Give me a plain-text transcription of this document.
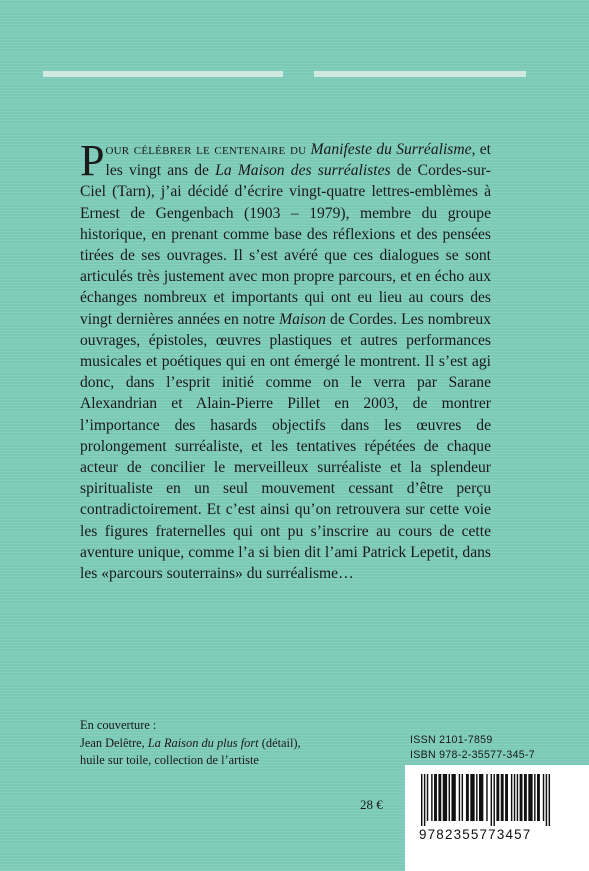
Pour célébrer le centenaire du Manifeste du Surréalisme, et les vingt ans de La Maison des surréalistes de Cordes-sur-Ciel (Tarn), j’ai décidé d’écrire vingt-quatre lettres-emblèmes à Ernest de Gengenbach (1903 – 1979), membre du groupe historique, en prenant comme base des réflexions et des pensées tirées de ses ouvrages. Il s’est avéré que ces dialogues se sont articulés très justement avec mon propre parcours, et en écho aux échanges nombreux et importants qui ont eu lieu au cours des vingt dernières années en notre Maison de Cordes. Les nombreux ouvrages, épistoles, œuvres plastiques et autres performances musicales et poétiques qui en ont émergé le montrent. Il s’est agi donc, dans l’esprit initié comme on le verra par Sarane Alexandrian et Alain-Pierre Pillet en 2003, de montrer l’importance des hasards objectifs dans les œuvres de prolongement surréaliste, et les tentatives répétées de chaque acteur de concilier le merveilleux surréaliste et la splendeur spiritualiste en un seul mouvement cessant d’être perçu contradictoirement. Et c’est ainsi qu’on retrouvera sur cette voie les figures fraternelles qui ont pu s’inscrire au cours de cette aventure unique, comme l’a si bien dit l’ami Patrick Lepetit, dans les «parcours souterrains» du surréalisme…

En couverture :
Jean Delêtre, La Raison du plus fort (détail),
huile sur toile, collection de l’artiste
ISSN 2101-7859
ISBN 978-2-35577-345-7
28 €
9782355773457
